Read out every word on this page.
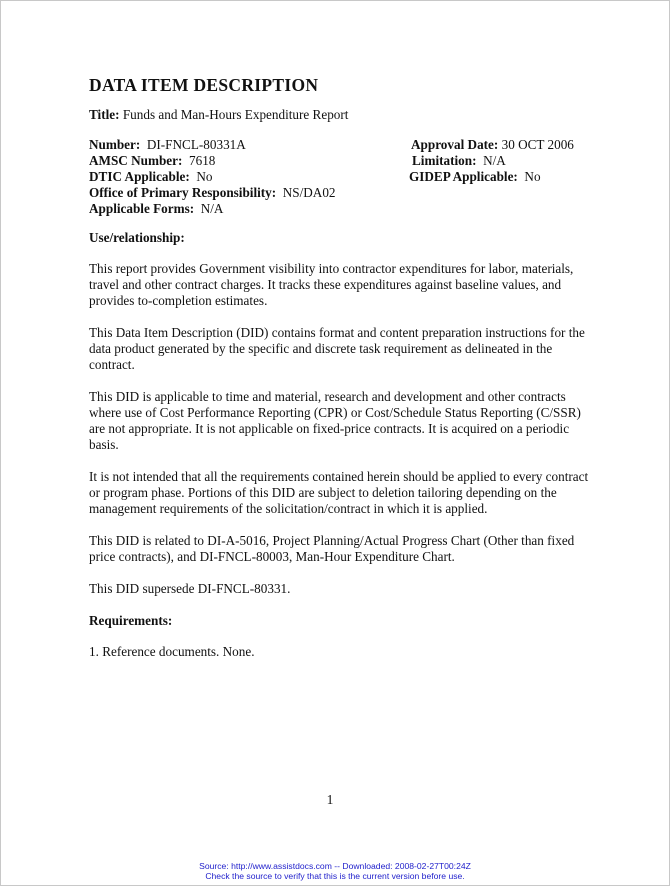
DATA ITEM DESCRIPTION
Title: Funds and Man-Hours Expenditure Report
Number: DI-FNCL-80331A
AMSC Number: 7618
DTIC Applicable: No
Office of Primary Responsibility: NS/DA02
Applicable Forms: N/A
Approval Date: 30 OCT 2006
Limitation: N/A
GIDEP Applicable: No
Use/relationship:

This report provides Government visibility into contractor expenditures for labor, materials, travel and other contract charges. It tracks these expenditures against baseline values, and provides to-completion estimates.

This Data Item Description (DID) contains format and content preparation instructions for the data product generated by the specific and discrete task requirement as delineated in the contract.

This DID is applicable to time and material, research and development and other contracts where use of Cost Performance Reporting (CPR) or Cost/Schedule Status Reporting (C/SSR) are not appropriate. It is not applicable on fixed-price contracts. It is acquired on a periodic basis.

It is not intended that all the requirements contained herein should be applied to every contract or program phase. Portions of this DID are subject to deletion tailoring depending on the management requirements of the solicitation/contract in which it is applied.

This DID is related to DI-A-5016, Project Planning/Actual Progress Chart (Other than fixed price contracts), and DI-FNCL-80003, Man-Hour Expenditure Chart.

This DID supersede DI-FNCL-80331.

Requirements:

1. Reference documents. None.

1
Source: http://www.assistdocs.com -- Downloaded: 2008-02-27T00:24Z
Check the source to verify that this is the current version before use.
